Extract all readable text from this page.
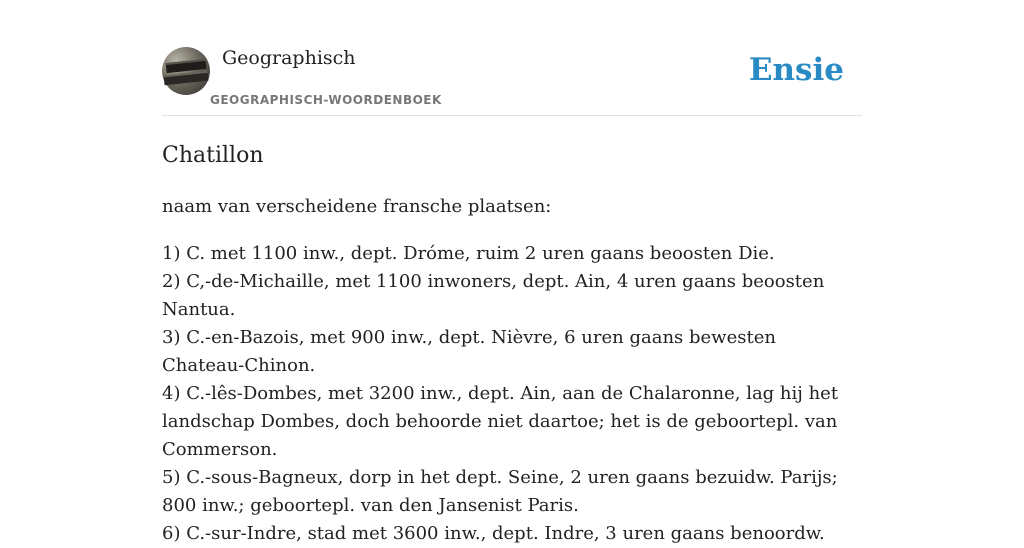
Geographisch
GEOGRAPHISCH-WOORDENBOEK
Ensie
Chatillon

naam van verscheidene fransche plaatsen:

1) C. met 1100 inw., dept. Dróme, ruim 2 uren gaans beoosten Die.
2) C,-de-Michaille, met 1100 inwoners, dept. Ain, 4 uren gaans beoosten Nantua.
3) C.-en-Bazois, met 900 inw., dept. Nièvre, 6 uren gaans bewesten Chateau-Chinon.
4) C.-lês-Dombes, met 3200 inw., dept. Ain, aan de Chalaronne, lag hij het landschap Dombes, doch behoorde niet daartoe; het is de geboortepl. van Commerson.
5) C.-sous-Bagneux, dorp in het dept. Seine, 2 uren gaans bezuidw. Parijs; 800 inw.; geboortepl. van den Jansenist Paris.
6) C.-sur-Indre, stad met 3600 inw., dept. Indre, 3 uren gaans benoordw.
